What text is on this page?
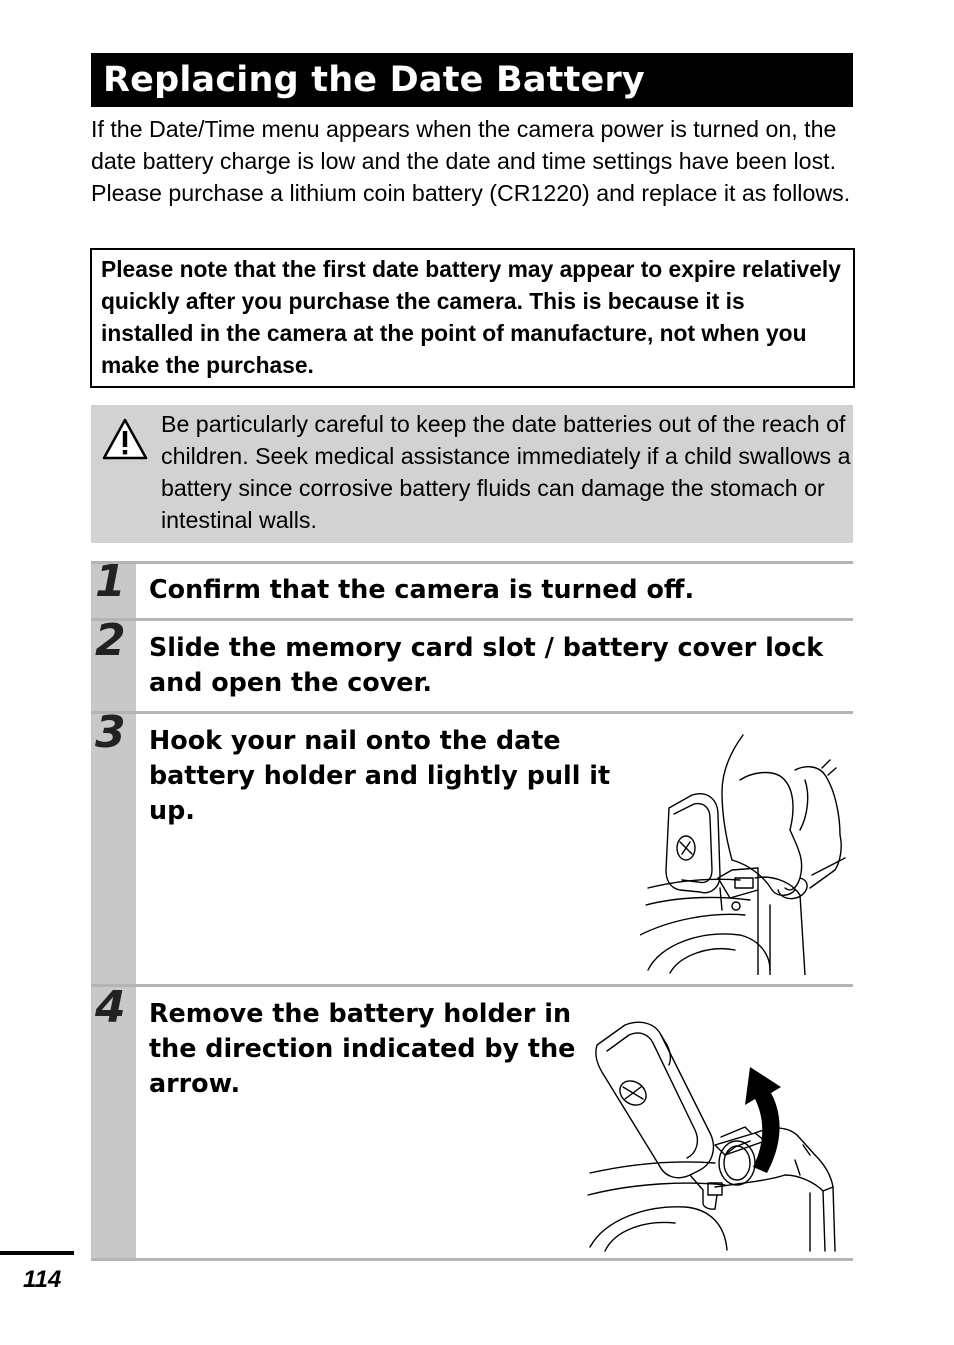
Replacing the Date Battery

If the Date/Time menu appears when the camera power is turned on, the date battery charge is low and the date and time settings have been lost. Please purchase a lithium coin battery (CR1220) and replace it as follows.

Please note that the first date battery may appear to expire relatively quickly after you purchase the camera. This is because it is installed in the camera at the point of manufacture, not when you make the purchase.

Be particularly careful to keep the date batteries out of the reach of children. Seek medical assistance immediately if a child swallows a battery since corrosive battery fluids can damage the stomach or intestinal walls.

1 Confirm that the camera is turned off.

2 Slide the memory card slot / battery cover lock and open the cover.

3 Hook your nail onto the date battery holder and lightly pull it up.

4 Remove the battery holder in the direction indicated by the arrow.

114
